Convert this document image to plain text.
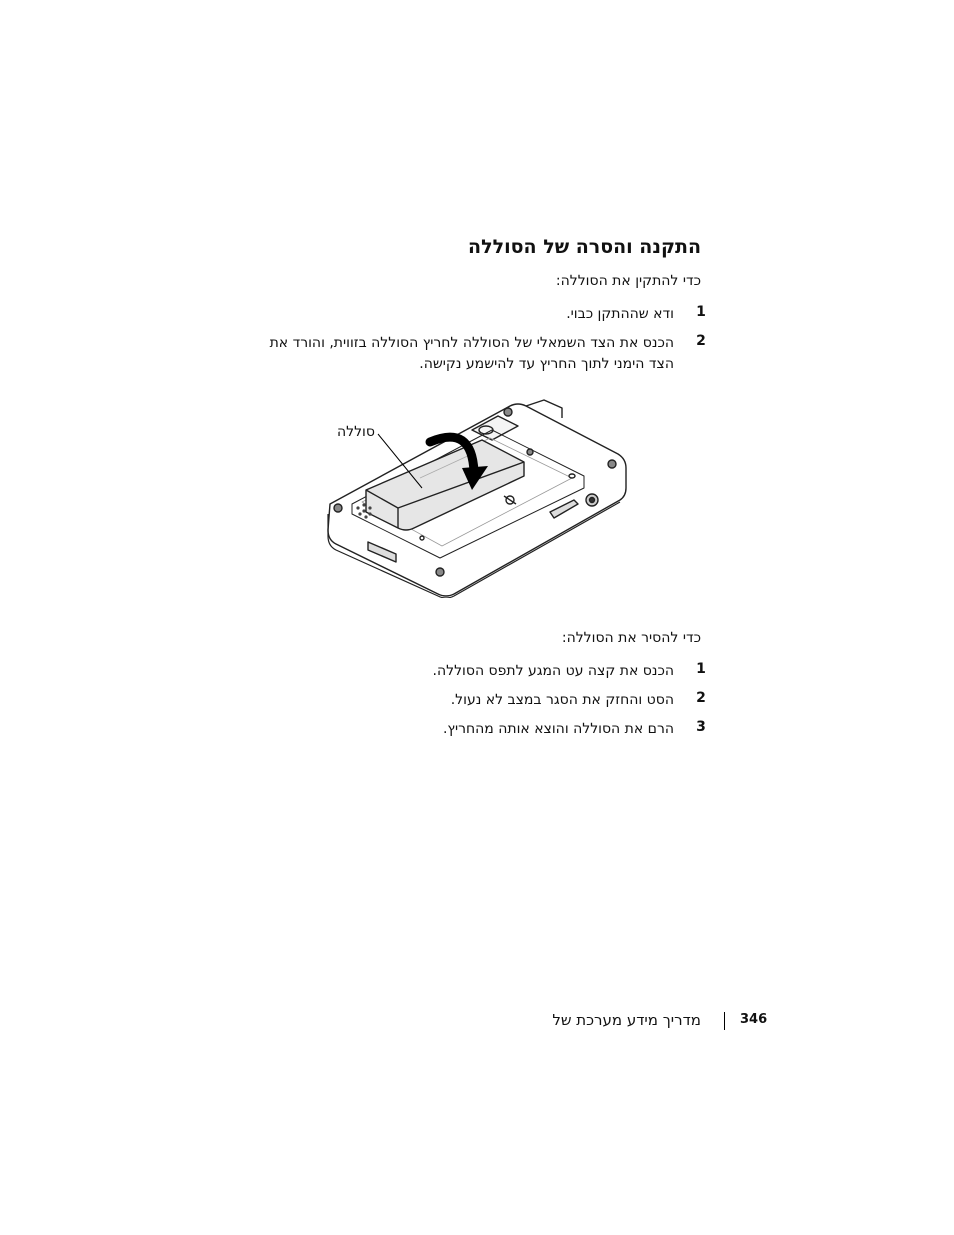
התקנה והסרה של הסוללה
כדי להתקין את הסוללה:
1
ודא שההתקן כבוי.
2
הכנס את הצד השמאלי של הסוללה לחריץ הסוללה בזווית, והורד את הצד הימני לתוך החריץ עד להישמע נקישה.
סוללה
כדי להסיר את הסוללה:
1
הכנס את קצה עט המגע לתפס הסוללה.
2
הסט והחזק את הסגר במצב לא נעול.
3
הרם את הסוללה והוצא אותה מהחריץ.
מדריך מידע מערכת של	346
